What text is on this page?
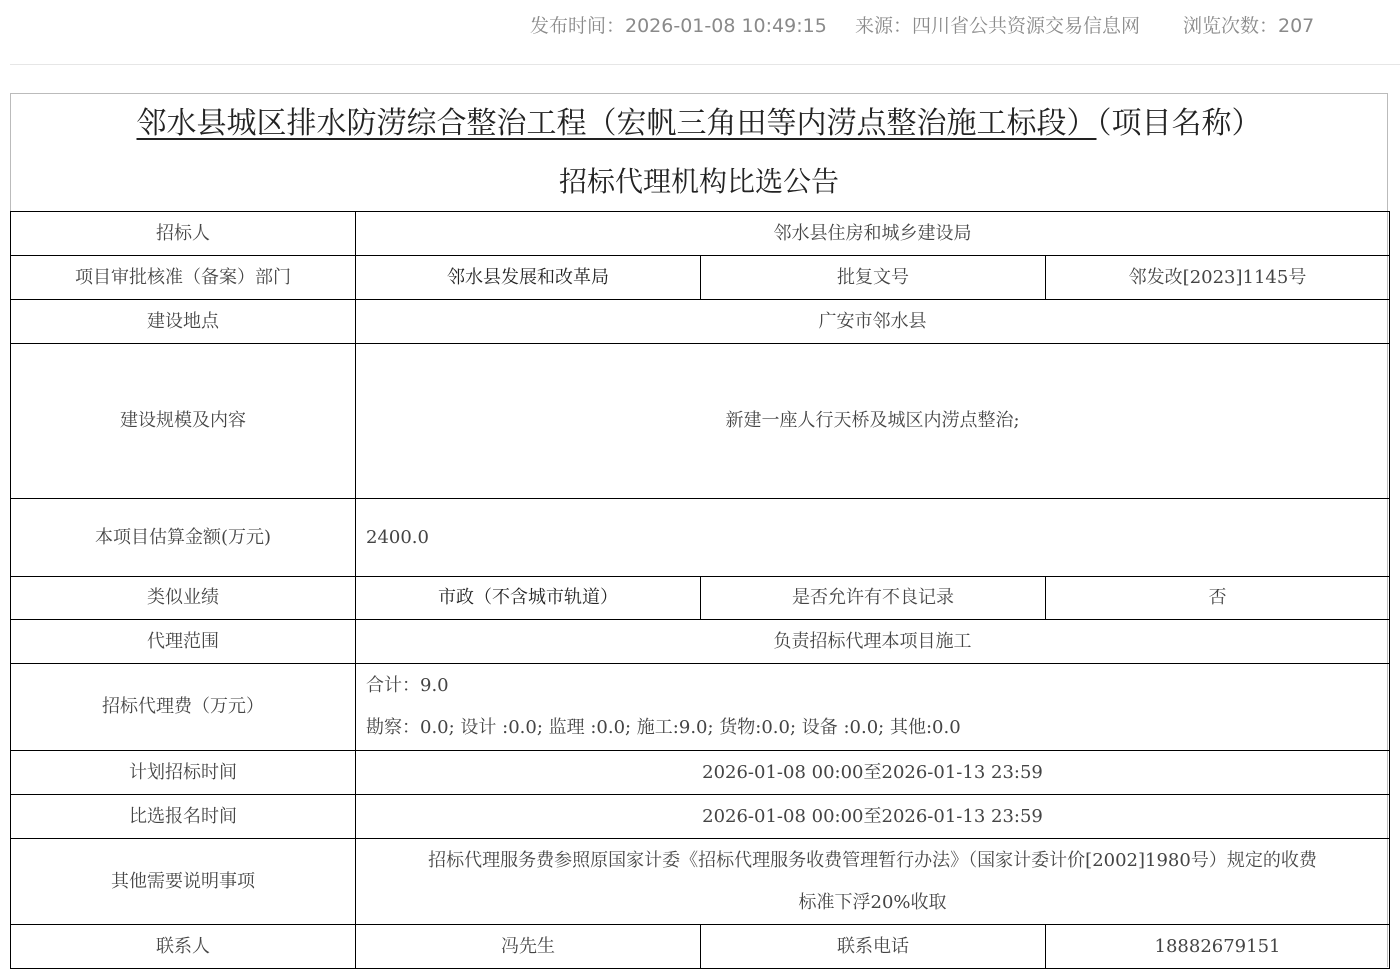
发布时间：2026-01-08 10:49:15 来源：四川省公共资源交易信息网 浏览次数：207
邻水县城区排水防涝综合整治工程（宏帆三角田等内涝点整治施工标段）（项目名称）
招标代理机构比选公告
招标人	邻水县住房和城乡建设局		
项目审批核准（备案）部门	邻水县发展和改革局	批复文号	邻发改[2023]1145号
建设地点	广安市邻水县		
建设规模及内容	新建一座人行天桥及城区内涝点整治;		
本项目估算金额(万元)	2400.0		
类似业绩	市政（不含城市轨道）	是否允许有不良记录	否
代理范围	负责招标代理本项目施工		
招标代理费（万元）	合计：9.0
勘察：0.0; 设计 :0.0; 监理 :0.0; 施工:9.0; 货物:0.0; 设备 :0.0; 其他:0.0		

计划招标时间	2026-01-08 00:00至2026-01-13 23:59		
比选报名时间	2026-01-08 00:00至2026-01-13 23:59		
其他需要说明事项	招标代理服务费参照原国家计委《招标代理服务收费管理暂行办法》（国家计委计价[2002]1980号）规定的收费
标准下浮20%收取		

联系人	冯先生	联系电话	18882679151
